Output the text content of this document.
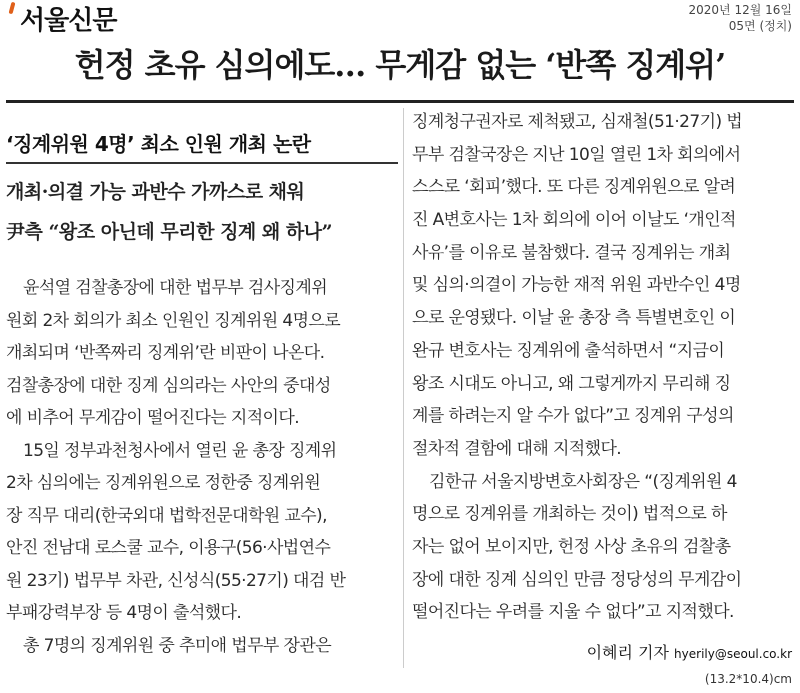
서울신문	2020년 12월 16일
05면 (정치)
헌정 초유 심의에도… 무게감 없는 ‘반쪽 징계위’
‘징계위원 4명’ 최소 인원 개최 논란
개최·의결 가능 과반수 가까스로 채워
尹측 “왕조 아닌데 무리한 징계 왜 하나”
윤석열 검찰총장에 대한 법무부 검사징계위
원회 2차 회의가 최소 인원인 징계위원 4명으로
개최되며 ‘반쪽짜리 징계위’란 비판이 나온다.
검찰총장에 대한 징계 심의라는 사안의 중대성
에 비추어 무게감이 떨어진다는 지적이다.
15일 정부과천청사에서 열린 윤 총장 징계위
2차 심의에는 징계위원으로 정한중 징계위원
장 직무 대리(한국외대 법학전문대학원 교수),
안진 전남대 로스쿨 교수, 이용구(56·사법연수
원 23기) 법무부 차관, 신성식(55·27기) 대검 반
부패강력부장 등 4명이 출석했다.
총 7명의 징계위원 중 추미애 법무부 장관은
징계청구권자로 제척됐고, 심재철(51·27기) 법
무부 검찰국장은 지난 10일 열린 1차 회의에서
스스로 ‘회피’했다. 또 다른 징계위원으로 알려
진 A변호사는 1차 회의에 이어 이날도 ‘개인적
사유’를 이유로 불참했다. 결국 징계위는 개최
및 심의·의결이 가능한 재적 위원 과반수인 4명
으로 운영됐다. 이날 윤 총장 측 특별변호인 이
완규 변호사는 징계위에 출석하면서 “지금이
왕조 시대도 아니고, 왜 그렇게까지 무리해 징
계를 하려는지 알 수가 없다”고 징계위 구성의
절차적 결함에 대해 지적했다.
김한규 서울지방변호사회장은 “(징계위원 4
명으로 징계위를 개최하는 것이) 법적으로 하
자는 없어 보이지만, 헌정 사상 초유의 검찰총
장에 대한 징계 심의인 만큼 정당성의 무게감이
떨어진다는 우려를 지울 수 없다”고 지적했다.
이혜리 기자 hyerily@seoul.co.kr
(13.2*10.4)cm
